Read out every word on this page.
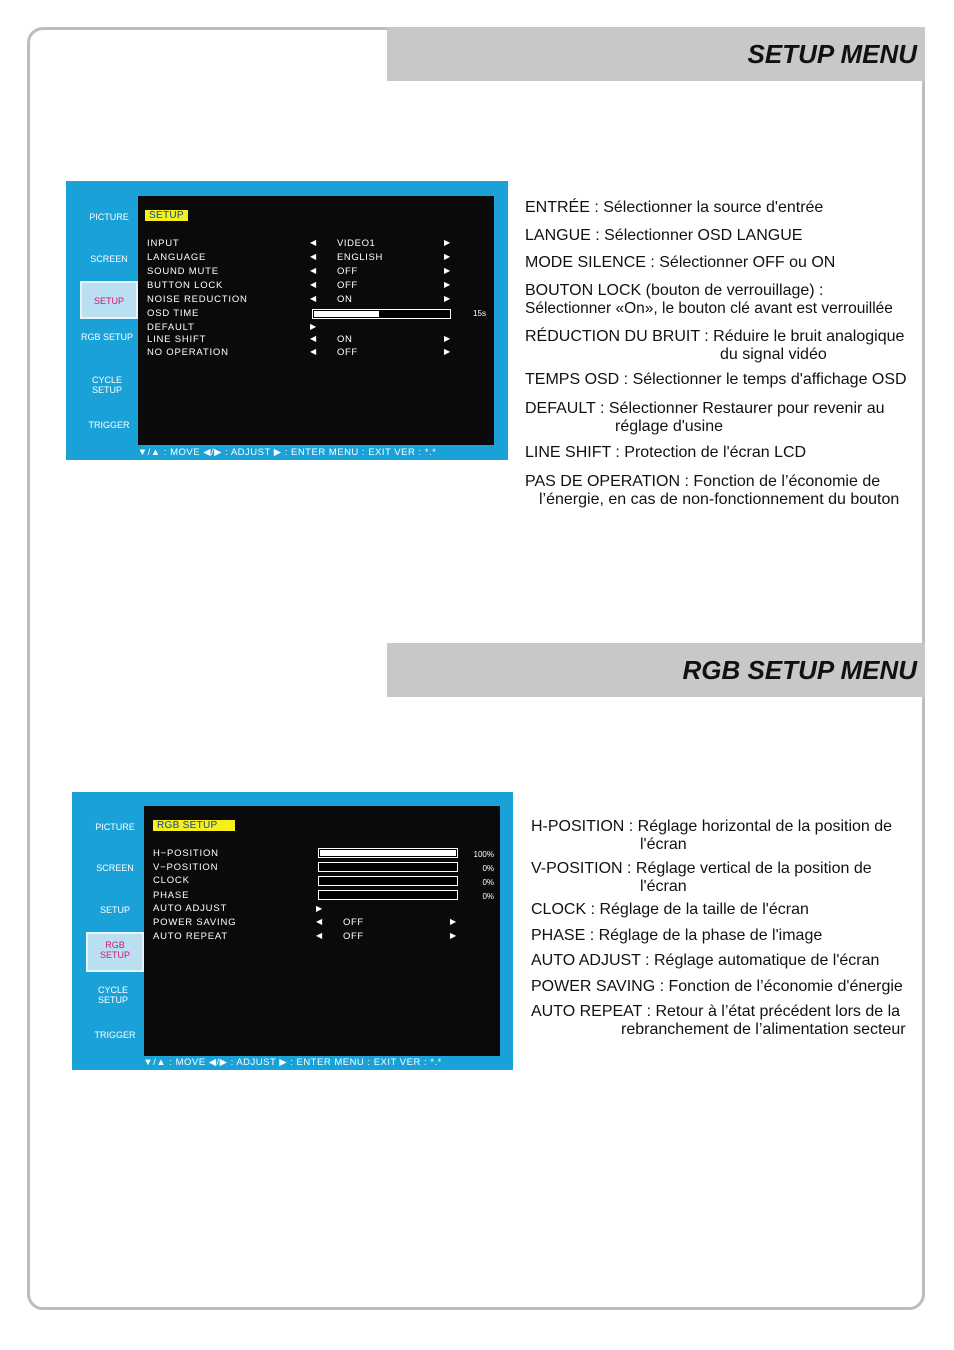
SETUP MENU
PICTURE
SCREEN
SETUP
RGB SETUP
CYCLE SETUP
TRIGGER
SETUP
INPUT	◀ VIDEO1	▶
LANGUAGE	◀ ENGLISH	▶
SOUND MUTE	◀ OFF	▶
BUTTON LOCK	◀ OFF	▶
NOISE REDUCTION	◀ ON	▶
OSD TIME	15s
DEFAULT	▶
LINE SHIFT	◀ ON	▶
NO OPERATION	◀ OFF	▶
▼/▲ : MOVE ◀/▶ : ADJUST ▶ : ENTER MENU : EXIT VER : *.*
ENTRÉE : Sélectionner la source d'entrée
LANGUE : Sélectionner OSD LANGUE
MODE SILENCE : Sélectionner OFF ou ON
BOUTON LOCK (bouton de verrouillage) :
Sélectionner «On», le bouton clé avant est verrouillée
RÉDUCTION DU BRUIT : Réduire le bruit analogique
du signal vidéo
TEMPS OSD : Sélectionner le temps d'affichage OSD
DEFAULT : Sélectionner Restaurer pour revenir au
réglage d'usine
LINE SHIFT : Protection de l'écran LCD
PAS DE OPERATION : Fonction de l’économie de
l’énergie, en cas de non-fonctionnement du bouton
RGB SETUP MENU
PICTURE
SCREEN
SETUP
RGB SETUP
CYCLE SETUP
TRIGGER
RGB SETUP
H−POSITION	100%
V−POSITION	0%
CLOCK	0%
PHASE	0%
AUTO ADJUST	▶
POWER SAVING	◀ OFF	▶
AUTO REPEAT	◀ OFF	▶
▼/▲ : MOVE ◀/▶ : ADJUST ▶ : ENTER MENU : EXIT VER : *.*
H-POSITION : Réglage horizontal de la position de
l'écran
V-POSITION : Réglage vertical de la position de
l'écran
CLOCK : Réglage de la taille de l'écran
PHASE : Réglage de la phase de l'image
AUTO ADJUST : Réglage automatique de l'écran
POWER SAVING : Fonction de l’économie d'énergie
AUTO REPEAT : Retour à l’état précédent lors de la
rebranchement de l’alimentation secteur
